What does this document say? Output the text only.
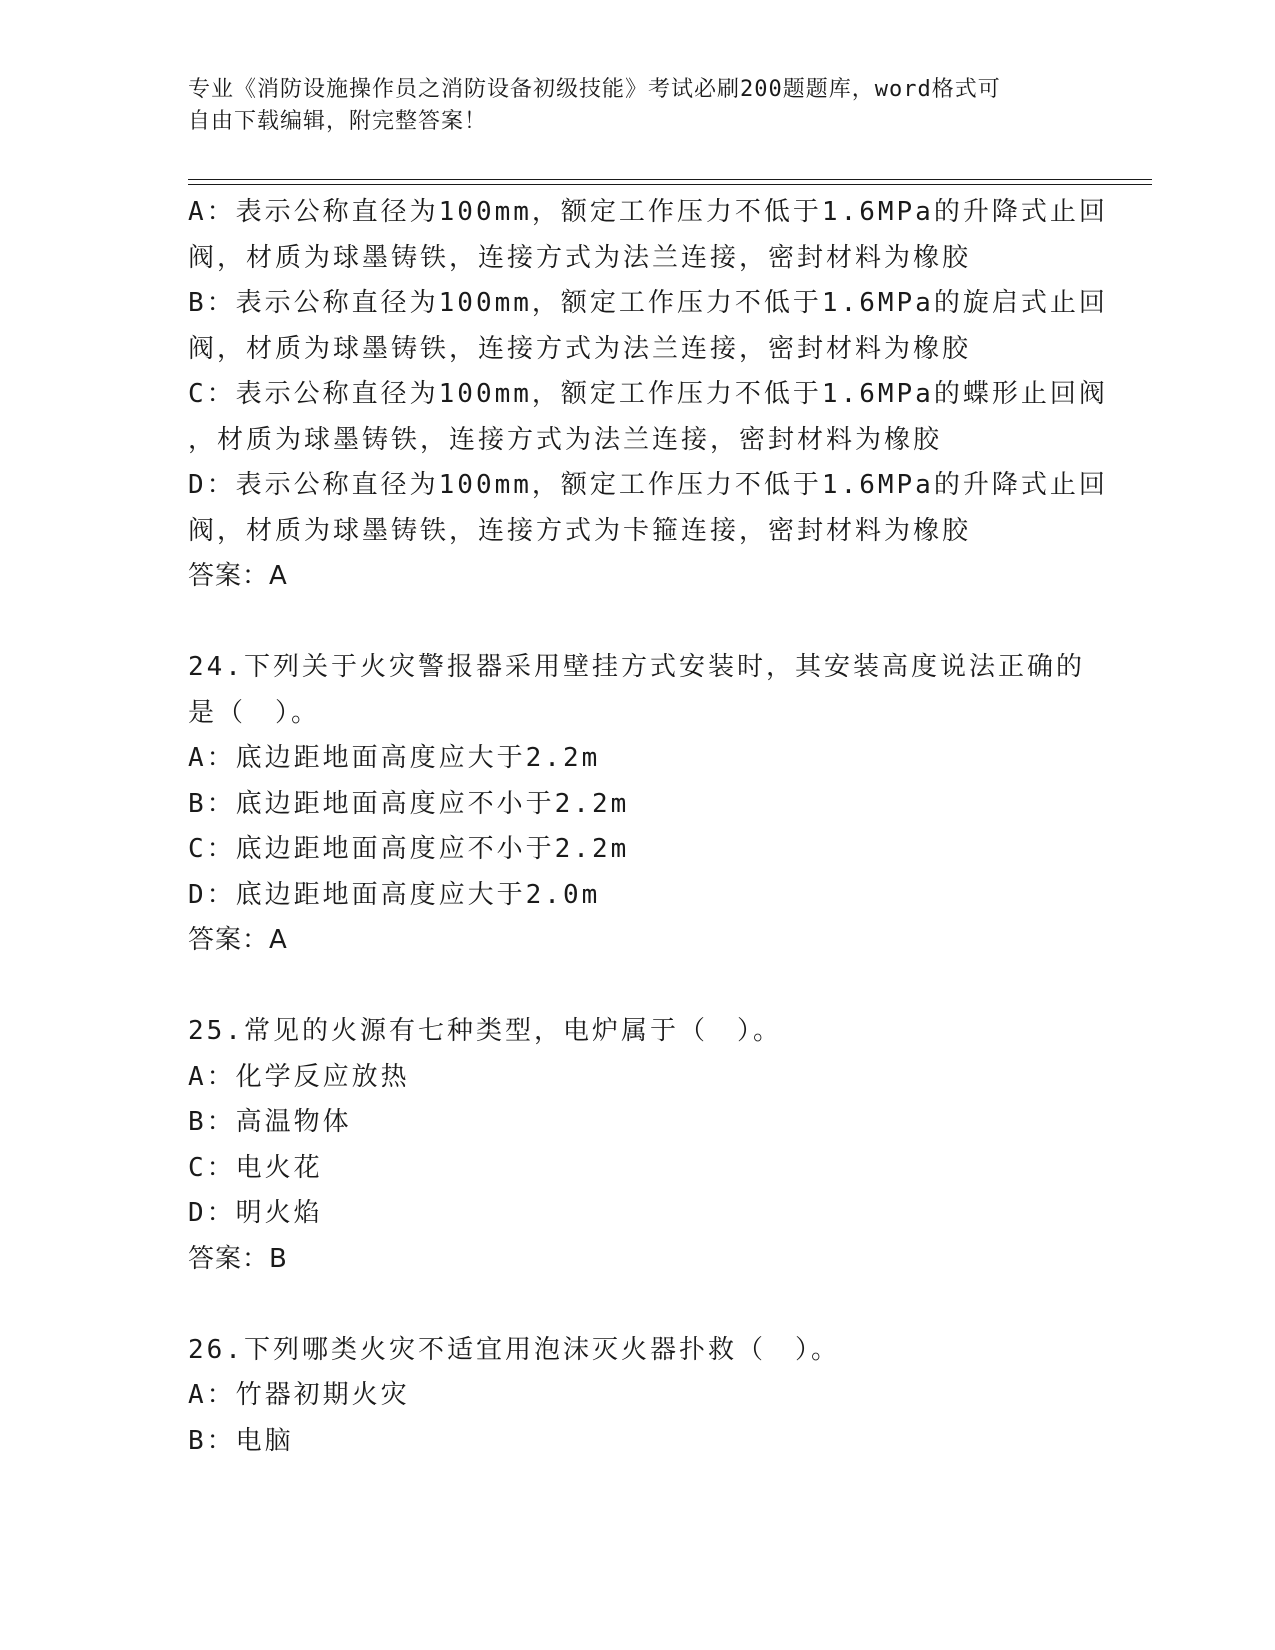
专业《消防设施操作员之消防设备初级技能》考试必刷200题题库，word格式可
自由下载编辑，附完整答案！
A：表示公称直径为100mm，额定工作压力不低于1.6MPa的升降式止回
阀，材质为球墨铸铁，连接方式为法兰连接，密封材料为橡胶
B：表示公称直径为100mm，额定工作压力不低于1.6MPa的旋启式止回
阀，材质为球墨铸铁，连接方式为法兰连接，密封材料为橡胶
C：表示公称直径为100mm，额定工作压力不低于1.6MPa的蝶形止回阀
，材质为球墨铸铁，连接方式为法兰连接，密封材料为橡胶
D：表示公称直径为100mm，额定工作压力不低于1.6MPa的升降式止回
阀，材质为球墨铸铁，连接方式为卡箍连接，密封材料为橡胶
答案：A
24.下列关于火灾警报器采用壁挂方式安装时，其安装高度说法正确的
是（　）。
A：底边距地面高度应大于2.2m
B：底边距地面高度应不小于2.2m
C：底边距地面高度应不小于2.2m
D：底边距地面高度应大于2.0m
答案：A
25.常见的火源有七种类型，电炉属于（　）。
A：化学反应放热
B：高温物体
C：电火花
D：明火焰
答案：B
26.下列哪类火灾不适宜用泡沫灭火器扑救（　）。
A：竹器初期火灾
B：电脑
